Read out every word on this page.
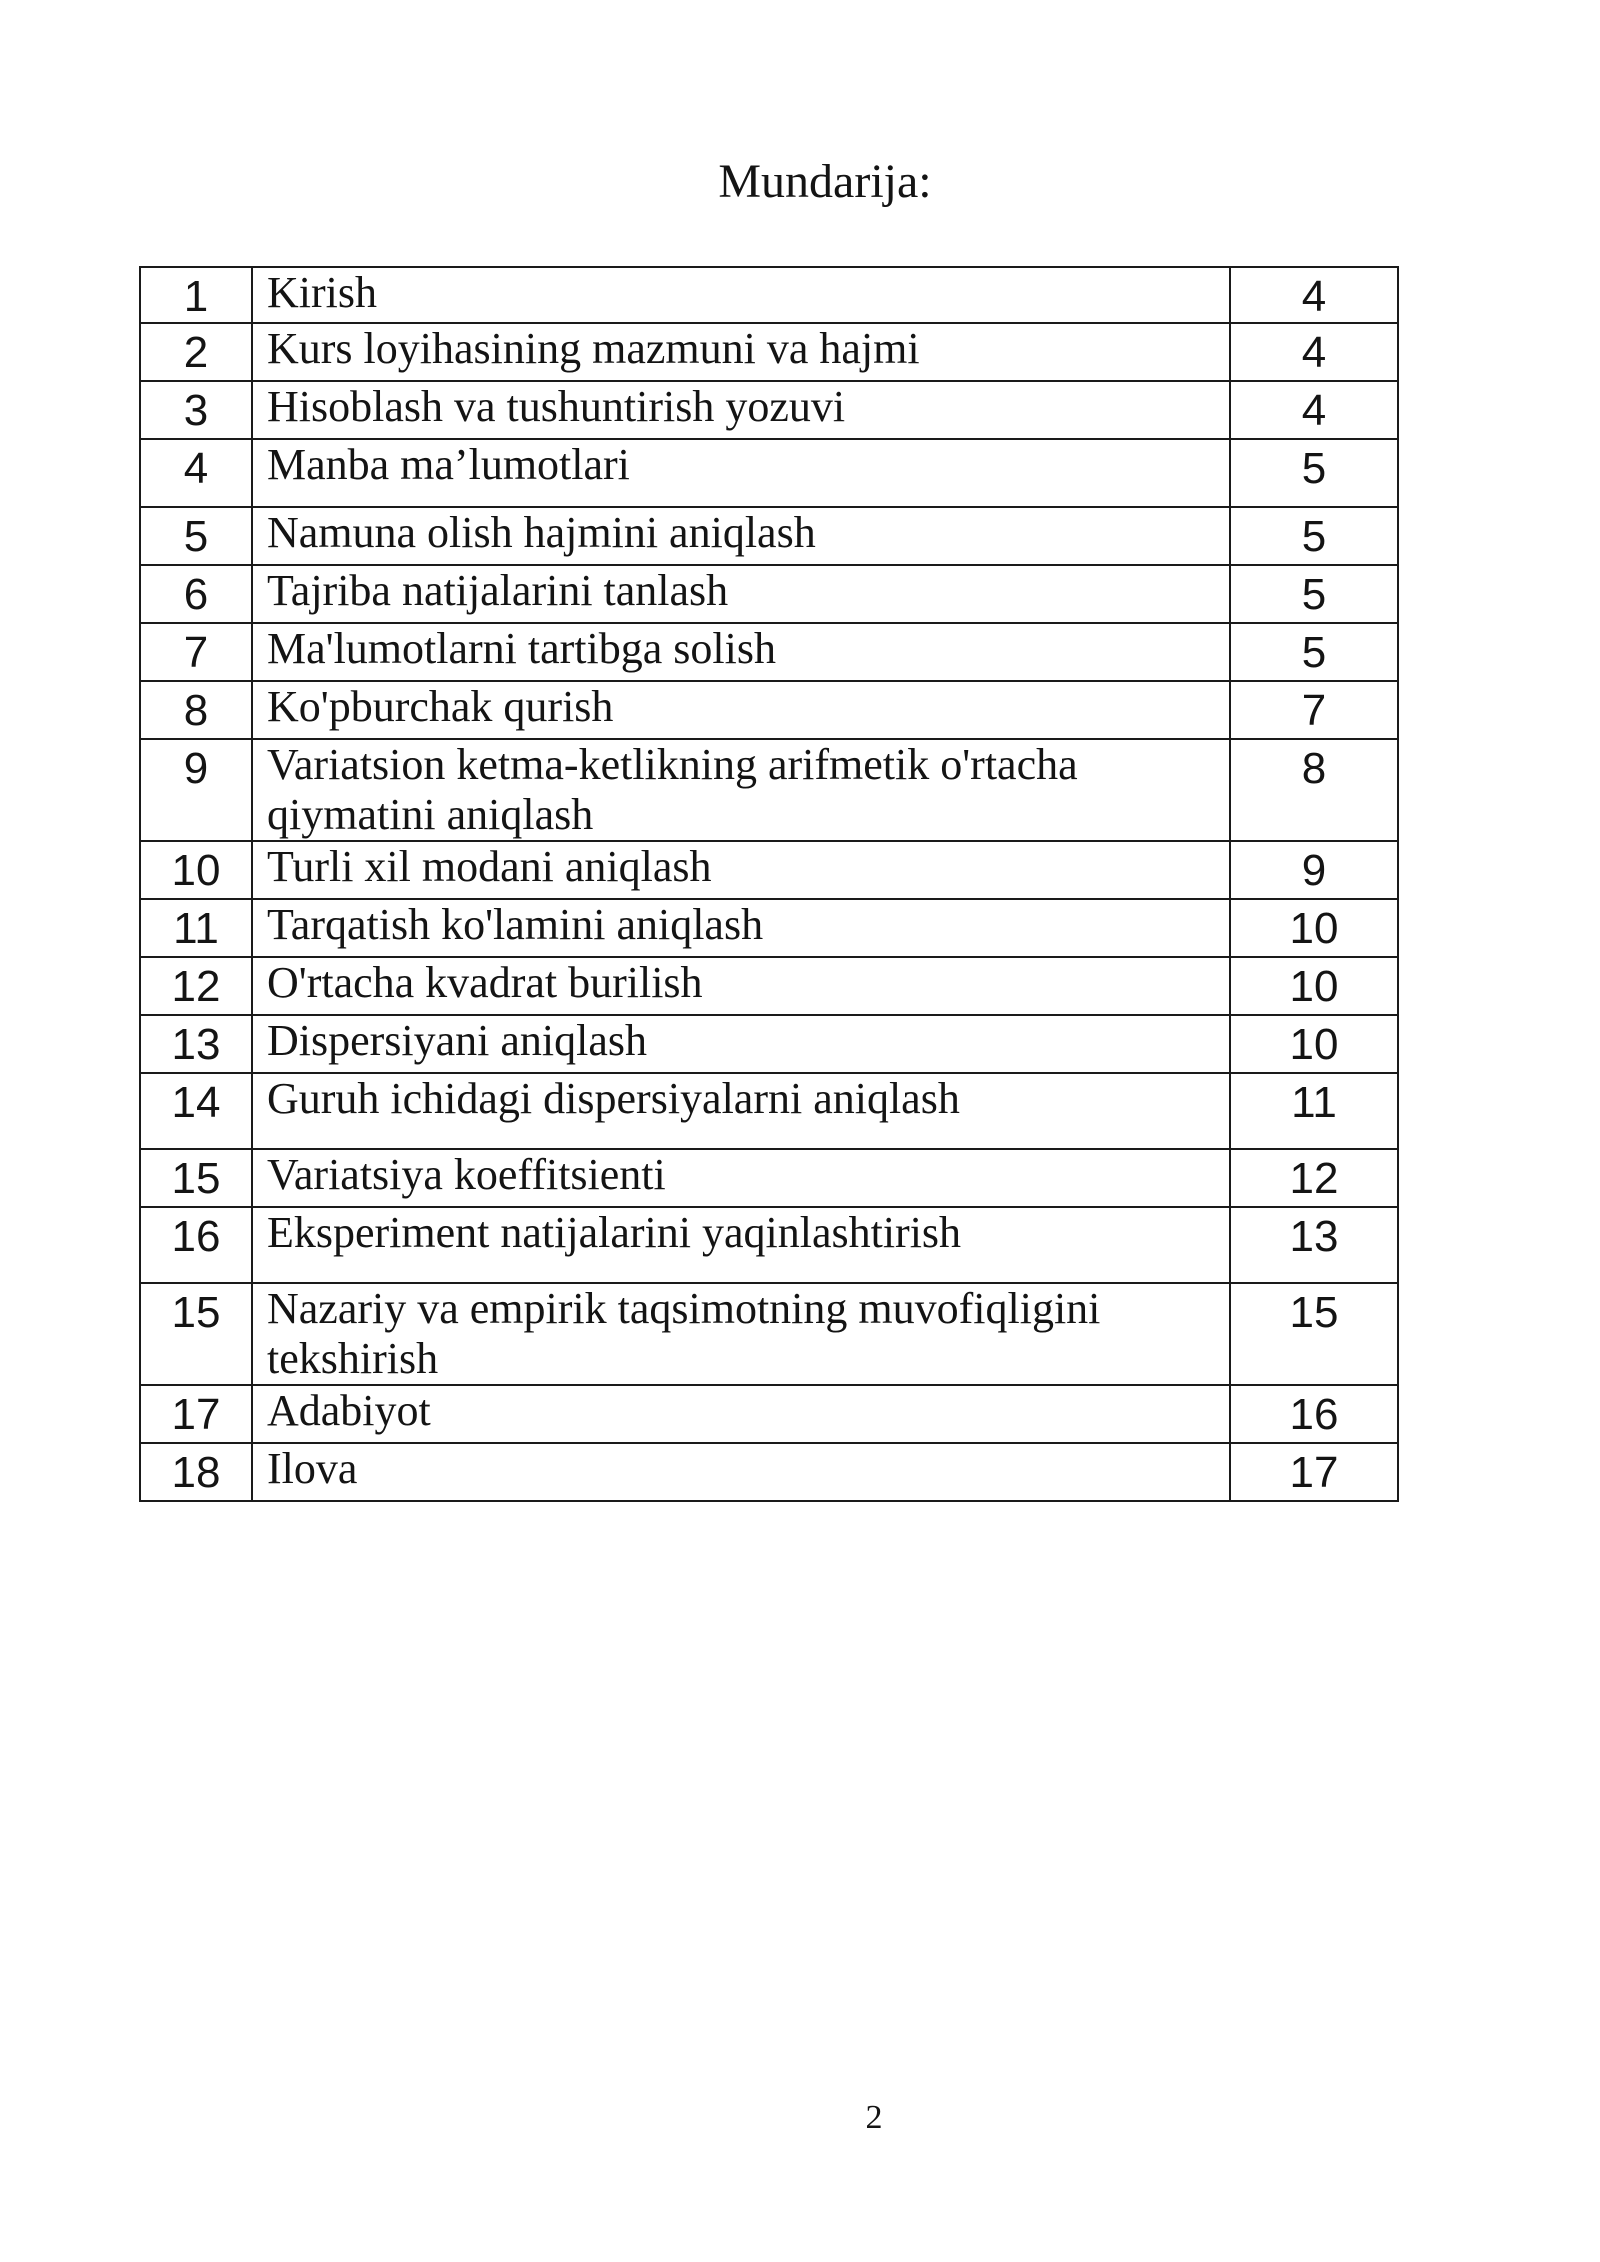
Mundarija:
1	Kirish	4
2	Kurs loyihasining mazmuni va hajmi	4
3	Hisoblash va tushuntirish yozuvi	4
4	Manba ma’lumotlari	5
5	Namuna olish hajmini aniqlash	5
6	Tajriba natijalarini tanlash	5
7	Ma'lumotlarni tartibga solish	5
8	Ko'pburchak qurish	7
9	Variatsion ketma-ketlikning arifmetik o'rtacha qiymatini aniqlash	8
10	Turli xil modani aniqlash	9
11	Tarqatish ko'lamini aniqlash	10
12	O'rtacha kvadrat burilish	10
13	Dispersiyani aniqlash	10
14	Guruh ichidagi dispersiyalarni aniqlash	11
15	Variatsiya koeffitsienti	12
16	Eksperiment natijalarini yaqinlashtirish	13
15	Nazariy va empirik taqsimotning muvofiqligini tekshirish	15
17	Adabiyot	16
18	Ilova	17
2
